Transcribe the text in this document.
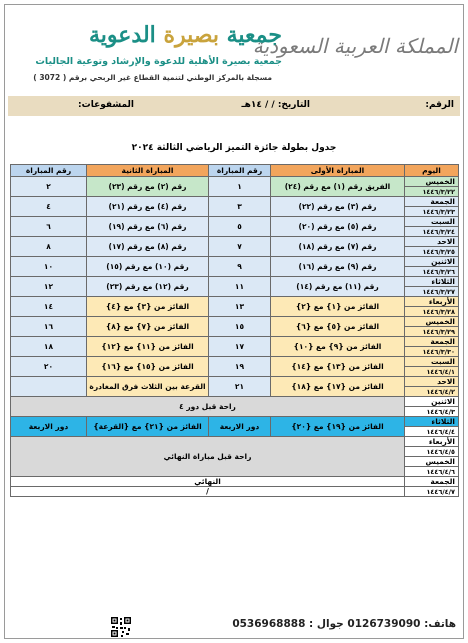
جمعية بصيرة الدعوية
جمعية بصيرة الأهلية للدعوة والإرشاد وتوعية الجاليات
مسجلة بالمركز الوطني لتنمية القطاع غير الربحي برقم ( 3072 )
المملكة العربية السعودية
الرقم:
التاريخ: / / ١٤هـ
المشفوعات:
جدول بطولة جائزة التميز الرياضي الثالثة ٢٠٢٤
اليوم	المباراة الأولى	رقم المباراة	المباراة الثانية	رقم المباراة
الخميس	الفريق رقم (١) مع رقم (٢٤)	١	رقم (٢) مع رقم (٢٣)	٢
١٤٤٦/٣/٢٢				
الجمعة	رقم (٣) مع رقم (٢٢)	٣	رقم (٤) مع رقم (٢١)	٤
١٤٤٦/٣/٢٣				
السبت	رقم (٥) مع رقم (٢٠)	٥	رقم (٦) مع رقم (١٩)	٦
١٤٤٦/٣/٢٤				
الاحد	رقم (٧) مع رقم (١٨)	٧	رقم (٨) مع رقم (١٧)	٨
١٤٤٦/٣/٢٥				
الاثنين	رقم (٩) مع رقم (١٦)	٩	رقم (١٠) مع رقم (١٥)	١٠
١٤٤٦/٣/٢٦				
الثلاثاء	رقم (١١) مع رقم (١٤)	١١	رقم (١٢) مع رقم (٢٣)	١٢
١٤٤٦/٣/٢٧				
الأربعاء	الفائز من {١} مع {٢}	١٣	الفائز من {٣} مع {٤}	١٤
١٤٤٦/٣/٢٨				
الخميس	الفائز من {٥} مع {٦}	١٥	الفائز من {٧} مع {٨}	١٦
١٤٤٦/٣/٢٩				
الجمعة	الفائز من {٩} مع {١٠}	١٧	الفائز من {١١} مع {١٢}	١٨
١٤٤٦/٣/٣٠				
السبت	الفائز من {١٣} مع {١٤}	١٩	الفائز من {١٥} مع {١٦}	٢٠
١٤٤٦/٤/١				
الاحد	الفائز من {١٧} مع {١٨}	٢١	القرعة بين الثلاث فرق المغادرة	
١٤٤٦/٤/٢				
الاثنين	راحة قبل دور ٤			
١٤٤٦/٤/٣				
الثلاثاء	الفائز من {١٩} مع {٢٠}	دور الاربعة	الفائز من {٢١} مع {القرعة}	دور الاربعة
١٤٤٦/٤/٤				
الأربعاء	راحة قبل مباراة النهائي			
١٤٤٦/٤/٥				
الخميس				
١٤٤٦/٤/٦				
الجمعة	النهائي			
١٤٤٦/٤/٧	/			
هاتف: 0126739090 جوال : 0536968888
